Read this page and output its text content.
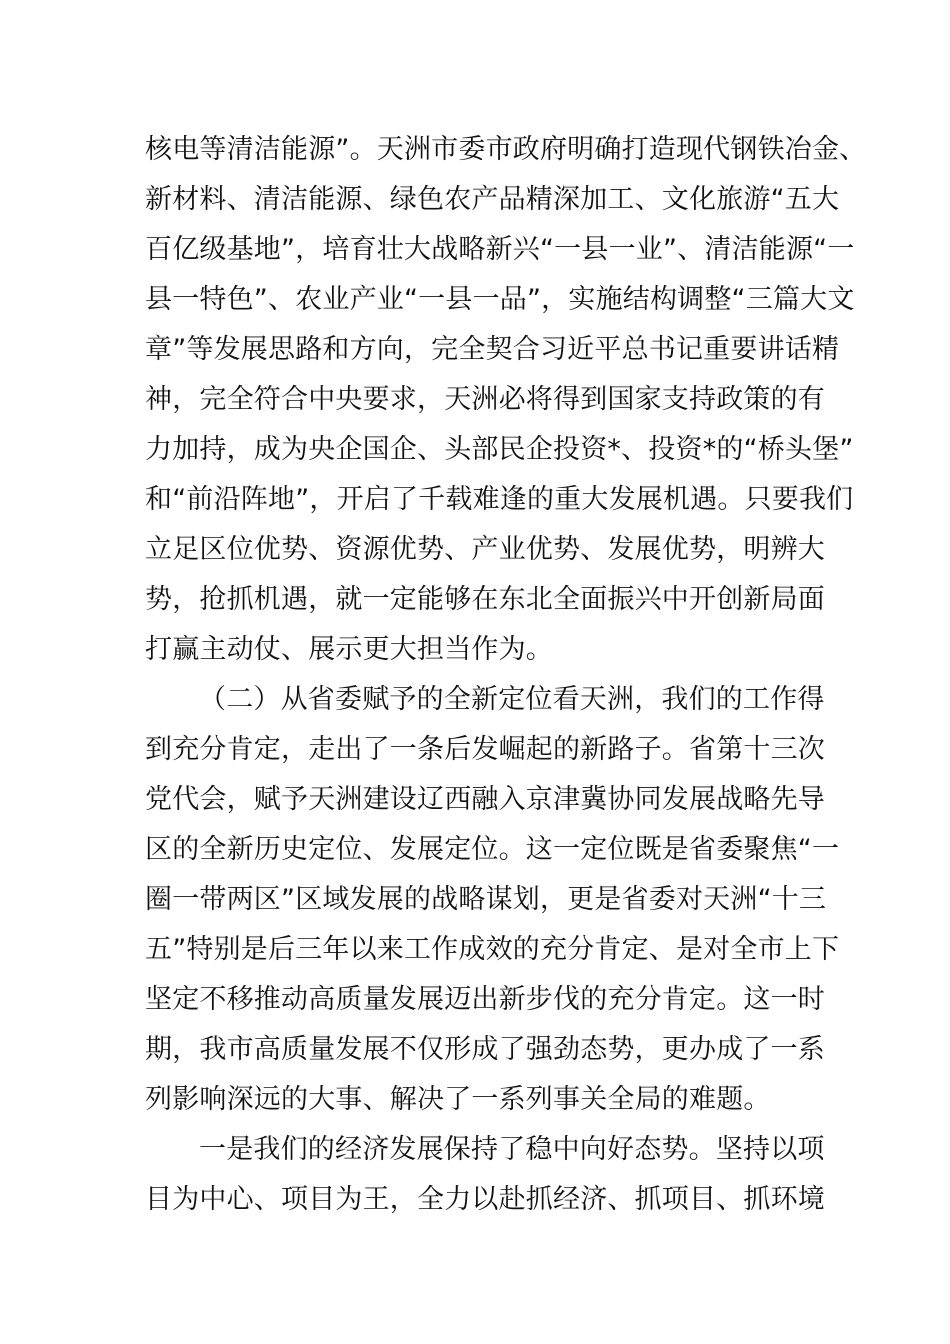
核电等清洁能源”。天洲市委市政府明确打造现代钢铁冶金、
新材料、清洁能源、绿色农产品精深加工、文化旅游“五大
百亿级基地”，培育壮大战略新兴“一县一业”、清洁能源“一
县一特色”、农业产业“一县一品”，实施结构调整“三篇大文
章”等发展思路和方向，完全契合习近平总书记重要讲话精
神，完全符合中央要求，天洲必将得到国家支持政策的有
力加持，成为央企国企、头部民企投资*、投资*的“桥头堡”
和“前沿阵地”，开启了千载难逢的重大发展机遇。只要我们
立足区位优势、资源优势、产业优势、发展优势，明辨大
势，抢抓机遇，就一定能够在东北全面振兴中开创新局面
打赢主动仗、展示更大担当作为。
（二）从省委赋予的全新定位看天洲，我们的工作得
到充分肯定，走出了一条后发崛起的新路子。省第十三次
党代会，赋予天洲建设辽西融入京津冀协同发展战略先导
区的全新历史定位、发展定位。这一定位既是省委聚焦“一
圈一带两区”区域发展的战略谋划，更是省委对天洲“十三
五”特别是后三年以来工作成效的充分肯定、是对全市上下
坚定不移推动高质量发展迈出新步伐的充分肯定。这一时
期，我市高质量发展不仅形成了强劲态势，更办成了一系
列影响深远的大事、解决了一系列事关全局的难题。
一是我们的经济发展保持了稳中向好态势。坚持以项
目为中心、项目为王，全力以赴抓经济、抓项目、抓环境
